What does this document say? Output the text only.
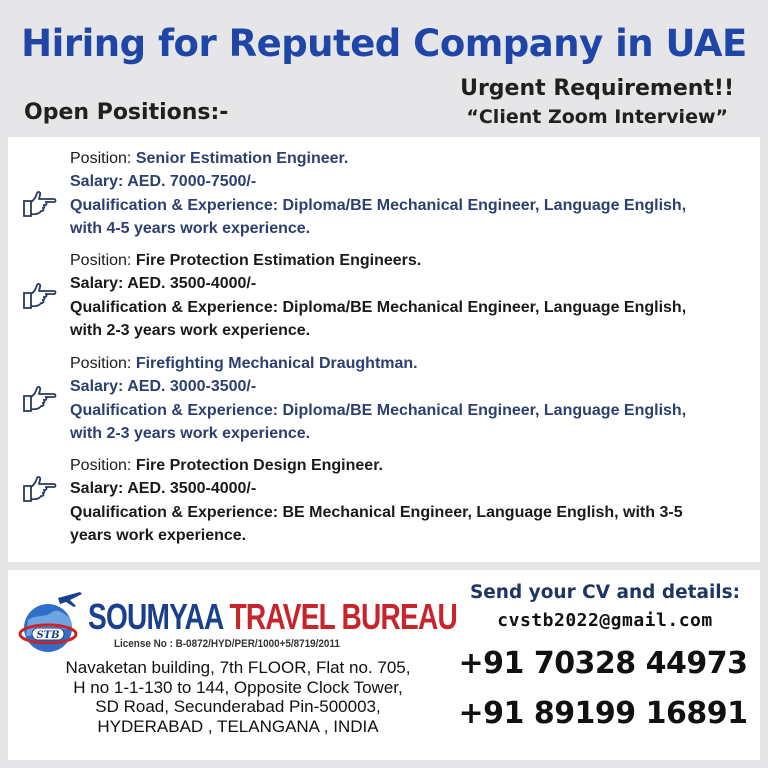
Hiring for Reputed Company in UAE
Urgent Requirement!!
“Client Zoom Interview”
Open Positions:-
Position: Senior Estimation Engineer.
Salary: AED. 7000-7500/-
Qualification & Experience: Diploma/BE Mechanical Engineer, Language English,
with 4-5 years work experience.
Position: Fire Protection Estimation Engineers.
Salary: AED. 3500-4000/-
Qualification & Experience: Diploma/BE Mechanical Engineer, Language English,
with 2-3 years work experience.
Position: Firefighting Mechanical Draughtman.
Salary: AED. 3000-3500/-
Qualification & Experience: Diploma/BE Mechanical Engineer, Language English,
with 2-3 years work experience.
Position: Fire Protection Design Engineer.
Salary: AED. 3500-4000/-
Qualification & Experience: BE Mechanical Engineer, Language English, with 3-5
years work experience.
STB SOUMYAA TRAVEL BUREAU
License No : B-0872/HYD/PER/1000+5/8719/2011
Navaketan building, 7th FLOOR, Flat no. 705,
H no 1-1-130 to 144, Opposite Clock Tower,
SD Road, Secunderabad Pin-500003,
HYDERABAD , TELANGANA , INDIA
Send your CV and details:
cvstb2022@gmail.com
+91 70328 44973
+91 89199 16891
